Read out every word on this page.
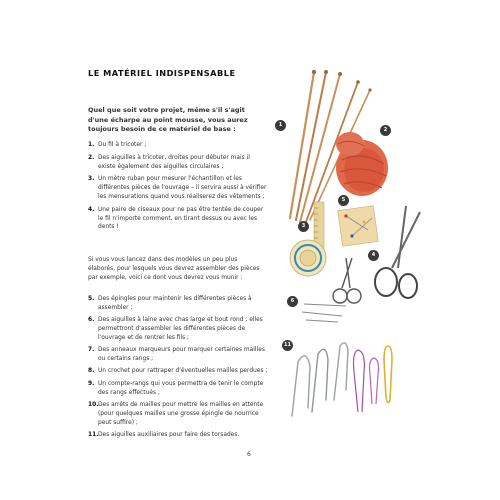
LE MATÉRIEL INDISPENSABLE
Quel que soit votre projet, même s'il s'agit d'une écharpe au point mousse, vous aurez toujours besoin de ce matériel de base :
1. Du fil à tricoter ;
2. Des aiguilles à tricoter, droites pour débuter mais il existe également des aiguilles circulaires ;
3. Un mètre ruban pour mesurer l'échantillon et les différentes pièces de l'ouvrage – il servira aussi à vérifier les mensurations quand vous réaliserez des vêtements ;
4. Une paire de ciseaux pour ne pas être tentée de couper le fil n'importe comment, en tirant dessus ou avec les dents !
Si vous vous lancez dans des modèles un peu plus élaborés, pour lesquels vous devrez assembler des pièces par exemple, voici ce dont vous devrez vous munir :
5. Des épingles pour maintenir les différentes pièces à assembler ;
6. Des aiguilles à laine avec chas large et bout rond ; elles permettront d'assembler les différentes pièces de l'ouvrage et de rentrer les fils ;
7. Des anneaux marqueurs pour marquer certaines mailles ou certains rangs ;
8. Un crochet pour rattraper d'éventuelles mailles perdues ;
9. Un compte-rangs qui vous permettra de tenir le compte des rangs effectués ;
10. Des arrêts de mailles pour mettre les mailles en attente (pour quelques mailles une grosse épingle de nourrice peut suffire) ;
11. Des aiguilles auxiliaires pour faire des torsades.
1
2
3
4
5
6
11
6
